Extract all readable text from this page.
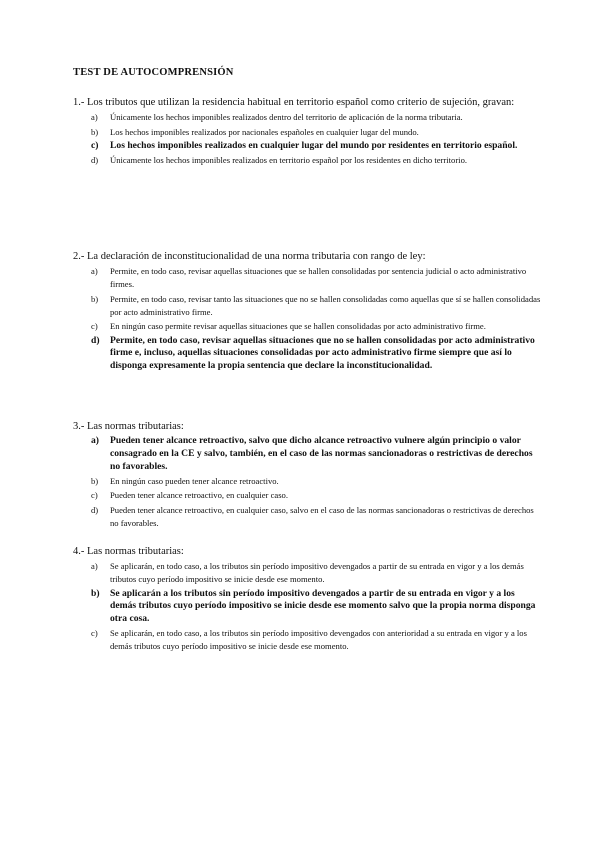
TEST DE AUTOCOMPRENSIÓN
1.- Los tributos que utilizan la residencia habitual en territorio español como criterio de sujeción, gravan:
a)	Únicamente los hechos imponibles realizados dentro del territorio de aplicación de la norma tributaria.
b)	Los hechos imponibles realizados por nacionales españoles en cualquier lugar del mundo.
c)	Los hechos imponibles realizados en cualquier lugar del mundo por residentes en territorio español.
d)	Únicamente los hechos imponibles realizados en territorio español por los residentes en dicho territorio.
2.- La declaración de inconstitucionalidad de una norma tributaria con rango de ley:
a)	Permite, en todo caso, revisar aquellas situaciones que se hallen consolidadas por sentencia judicial o acto administrativo firmes.
b)	Permite, en todo caso, revisar tanto las situaciones que no se hallen consolidadas como aquellas que sí se hallen consolidadas por acto administrativo firme.
c)	En ningún caso permite revisar aquellas situaciones que se hallen consolidadas por acto administrativo firme.
d)	Permite, en todo caso, revisar aquellas situaciones que no se hallen consolidadas por acto administrativo firme e, incluso, aquellas situaciones consolidadas por acto administrativo firme siempre que así lo disponga expresamente la propia sentencia que declare la inconstitucionalidad.
3.- Las normas tributarias:
a)	Pueden tener alcance retroactivo, salvo que dicho alcance retroactivo vulnere algún principio o valor consagrado en la CE y salvo, también, en el caso de las normas sancionadoras o restrictivas de derechos no favorables.
b)	En ningún caso pueden tener alcance retroactivo.
c)	Pueden tener alcance retroactivo, en cualquier caso.
d)	Pueden tener alcance retroactivo, en cualquier caso, salvo en el caso de las normas sancionadoras o restrictivas de derechos no favorables.
4.- Las normas tributarias:
a)	Se aplicarán, en todo caso, a los tributos sin período impositivo devengados a partir de su entrada en vigor y a los demás tributos cuyo período impositivo se inicie desde ese momento.
b)	Se aplicarán a los tributos sin período impositivo devengados a partir de su entrada en vigor y a los demás tributos cuyo período impositivo se inicie desde ese momento salvo que la propia norma disponga otra cosa.
c)	Se aplicarán, en todo caso, a los tributos sin período impositivo devengados con anterioridad a su entrada en vigor y a los demás tributos cuyo período impositivo se inicie desde ese momento.
